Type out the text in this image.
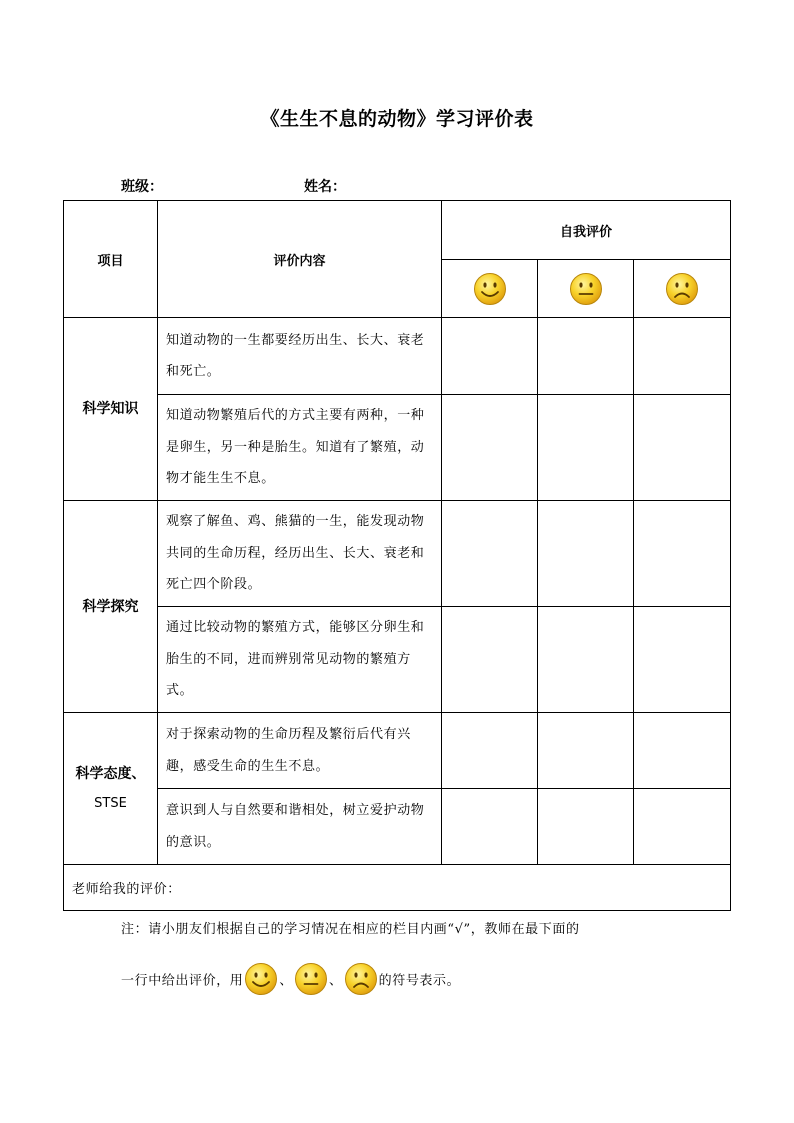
《生生不息的动物》学习评价表
班级：	姓名：
项目	评价内容	自我评价		

科学知识	知道动物的一生都要经历出生、长大、衰老和死亡。			
	知道动物繁殖后代的方式主要有两种，一种是卵生，另一种是胎生。知道有了繁殖，动物才能生生不息。			
科学探究	观察了解鱼、鸡、熊猫的一生，能发现动物共同的生命历程，经历出生、长大、衰老和死亡四个阶段。			
	通过比较动物的繁殖方式，能够区分卵生和胎生的不同，进而辨别常见动物的繁殖方式。			

科学态度、
STSE	对于探索动物的生命历程及繁衍后代有兴趣，感受生命的生生不息。			
	意识到人与自然要和谐相处，树立爱护动物的意识。			
老师给我的评价：				
注：请小朋友们根据自己的学习情况在相应的栏目内画“√”，教师在最下面的
一行中给出评价，用	、	、	的符号表示。
